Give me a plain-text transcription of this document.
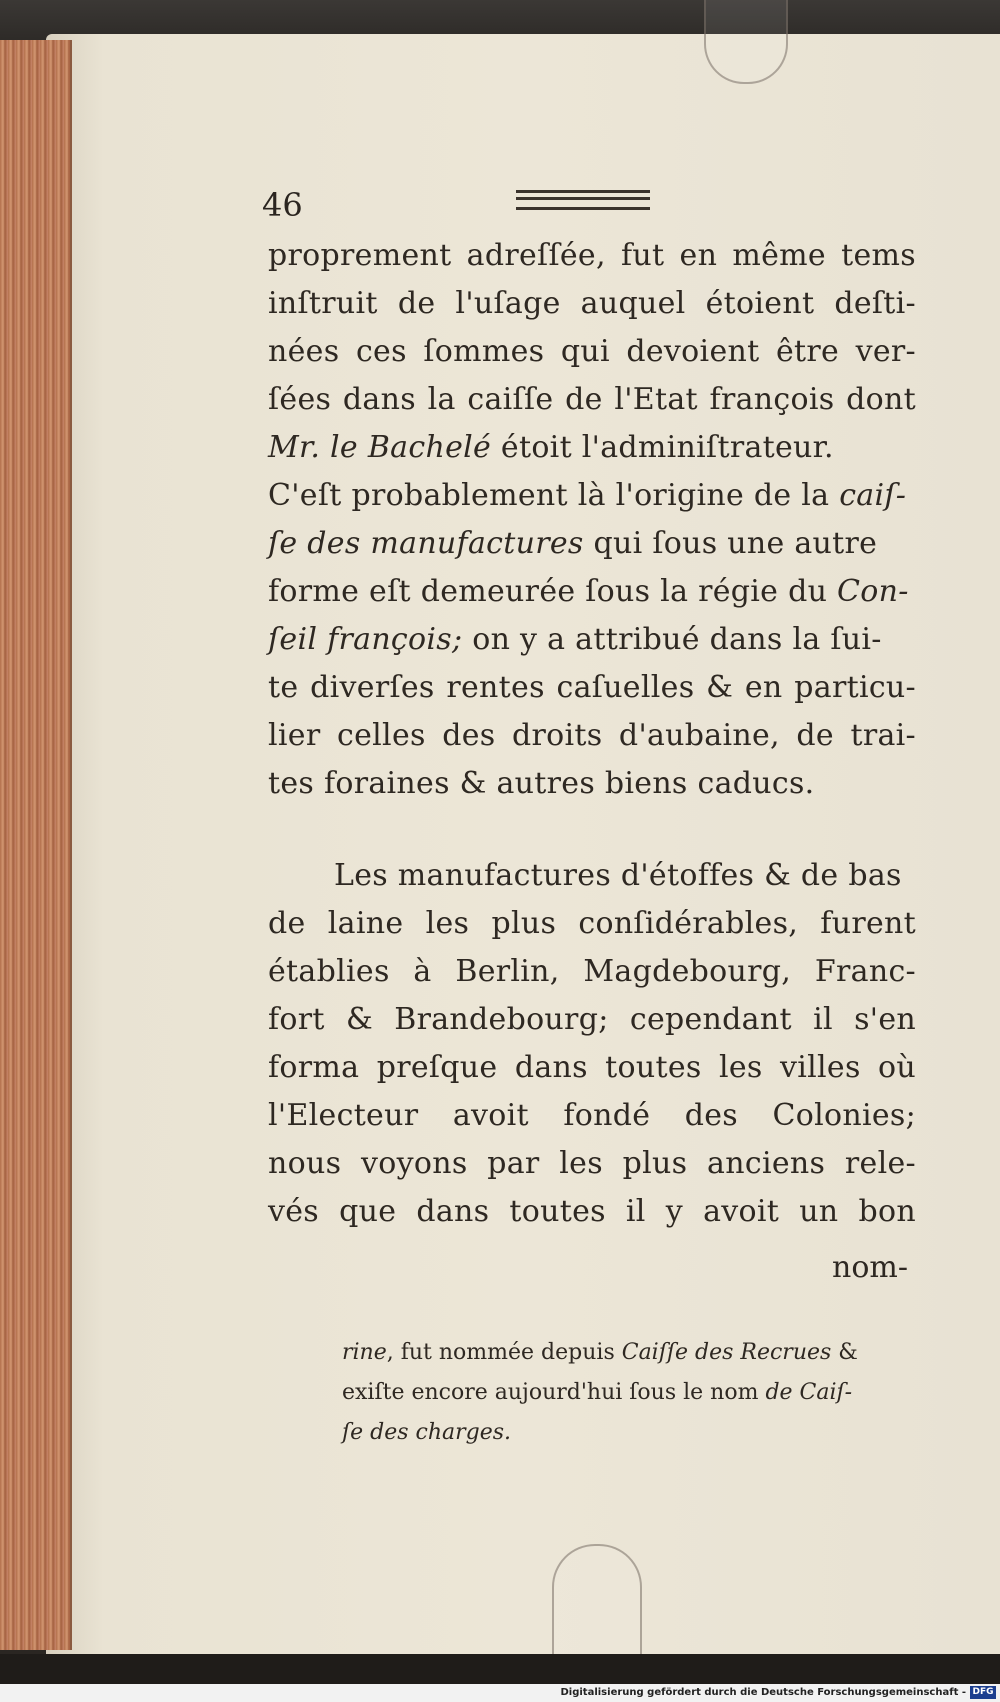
46
proprement adreſſée, fut en même tems
inſtruit de l'uſage auquel étoient deſti-
nées ces ſommes qui devoient être ver-
ſées dans la caiſſe de l'Etat françois dont
Mr. le Bachelé étoit l'adminiſtrateur.
C'eſt probablement là l'origine de la caiſ-
ſe des manufactures qui ſous une autre
forme eſt demeurée ſous la régie du Con-
ſeil françois; on y a attribué dans la ſui-
te diverſes rentes caſuelles & en particu-
lier celles des droits d'aubaine, de trai-
tes foraines & autres biens caducs.
Les manufactures d'étoffes & de bas
de laine les plus conſidérables, furent
établies à Berlin, Magdebourg, Franc-
fort & Brandebourg; cependant il s'en
forma preſque dans toutes les villes où
l'Electeur avoit fondé des Colonies;
nous voyons par les plus anciens rele-
vés que dans toutes il y avoit un bon
nom-
rine, fut nommée depuis Caiſſe des Recrues &
exiſte encore aujourd'hui ſous le nom de Caiſ-
ſe des charges.
Digitalisierung gefördert durch die Deutsche Forschungsgemeinschaft - DFG
